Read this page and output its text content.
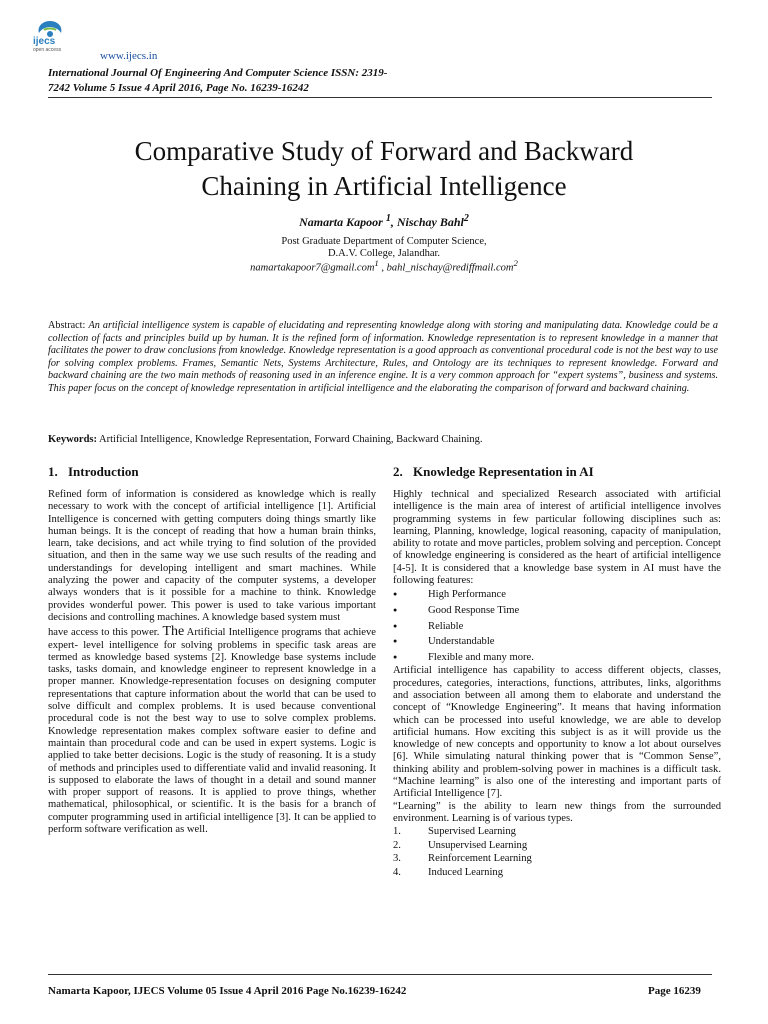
ijecs
open access	www.ijecs.in
International Journal Of Engineering And Computer Science ISSN: 2319-
7242 Volume 5 Issue 4 April 2016, Page No. 16239-16242
Comparative Study of Forward and Backward
Chaining in Artificial Intelligence
Namarta Kapoor $^1$, Nischay Bahl$^2$
Post Graduate Department of Computer Science,
D.A.V. College, Jalandhar.
namartakapoor7@gmail.com$^1$ , bahl_nischay@rediffmail.com$^2$
Abstract: An artificial intelligence system is capable of elucidating and representing knowledge along with storing and manipulating data. Knowledge could be a collection of facts and principles build up by human. It is the refined form of information. Knowledge representation is to represent knowledge in a manner that facilitates the power to draw conclusions from knowledge. Knowledge representation is a good approach as conventional procedural code is not the best way to use for solving complex problems. Frames, Semantic Nets, Systems Architecture, Rules, and Ontology are its techniques to represent knowledge. Forward and backward chaining are the two main methods of reasoning used in an inference engine. It is a very common approach for “expert systems”, business and systems. This paper focus on the concept of knowledge representation in artificial intelligence and the elaborating the comparison of forward and backward chaining.
Keywords: Artificial Intelligence, Knowledge Representation, Forward Chaining, Backward Chaining.
1. Introduction

Refined form of information is considered as knowledge which is really necessary to work with the concept of artificial intelligence [1]. Artificial Intelligence is concerned with getting computers doing things smartly like human beings. It is the concept of reading that how a human brain thinks, learn, take decisions, and act while trying to find solution of the provided situation, and then in the same way we use such results of the reading and understandings for developing intelligent and smart machines. While analyzing the power and capacity of the computer systems, a developer always wonders that is it possible for a machine to think. Knowledge provides wonderful power. This power is used to take various important decisions and controlling machines. A knowledge based system must

have access to this power. The Artificial Intelligence programs that achieve expert- level intelligence for solving problems in specific task areas are termed as knowledge based systems [2]. Knowledge base systems include tasks, tasks domain, and knowledge engineer to represent knowledge in a proper manner. Knowledge-representation focuses on designing computer representations that capture information about the world that can be used to solve difficult and complex problems. It is used because conventional procedural code is not the best way to use to solve complex problems. Knowledge representation makes complex software easier to define and maintain than procedural code and can be used in expert systems. Logic is applied to take better decisions. Logic is the study of reasoning. It is a study of methods and principles used to differentiate valid and invalid reasoning. It is supposed to elaborate the laws of thought in a detail and sound manner with proper support of reasons. It is applied to prove things, whether mathematical, philosophical, or scientific. It is the basis for a branch of computer programming used in artificial intelligence [3]. It can be applied to perform software verification as well.

2. Knowledge Representation in AI

Highly technical and specialized Research associated with artificial intelligence is the main area of interest of artificial intelligence involves programming systems in few particular following disciplines such as: learning, Planning, knowledge, logical reasoning, capacity of manipulation, ability to rotate and move particles, problem solving and perception. Concept of knowledge engineering is considered as the heart of artificial intelligence [4-5]. It is considered that a knowledge base system in AI must have the following features:

● High Performance
● Good Response Time
● Reliable
● Understandable
● Flexible and many more.

Artificial intelligence has capability to access different objects, classes, procedures, categories, interactions, functions, attributes, links, algorithms and association between all among them to elaborate and understand the concept of “Knowledge Engineering”. It means that having information which can be processed into useful knowledge, we are able to develop artificial humans. How exciting this subject is as it will provide us the knowledge of new concepts and opportunity to know a lot about ourselves [6]. While simulating natural thinking power that is “Common Sense”, thinking ability and problem-solving power in machines is a difficult task. “Machine learning” is also one of the interesting and important parts of Artificial Intelligence [7].

“Learning” is the ability to learn new things from the surrounded environment. Learning is of various types.

1.	Supervised Learning
2.	Unsupervised Learning
3.	Reinforcement Learning
4.	Induced Learning
Namarta Kapoor, IJECS Volume 05 Issue 4 April 2016 Page No.16239-16242	Page 16239
